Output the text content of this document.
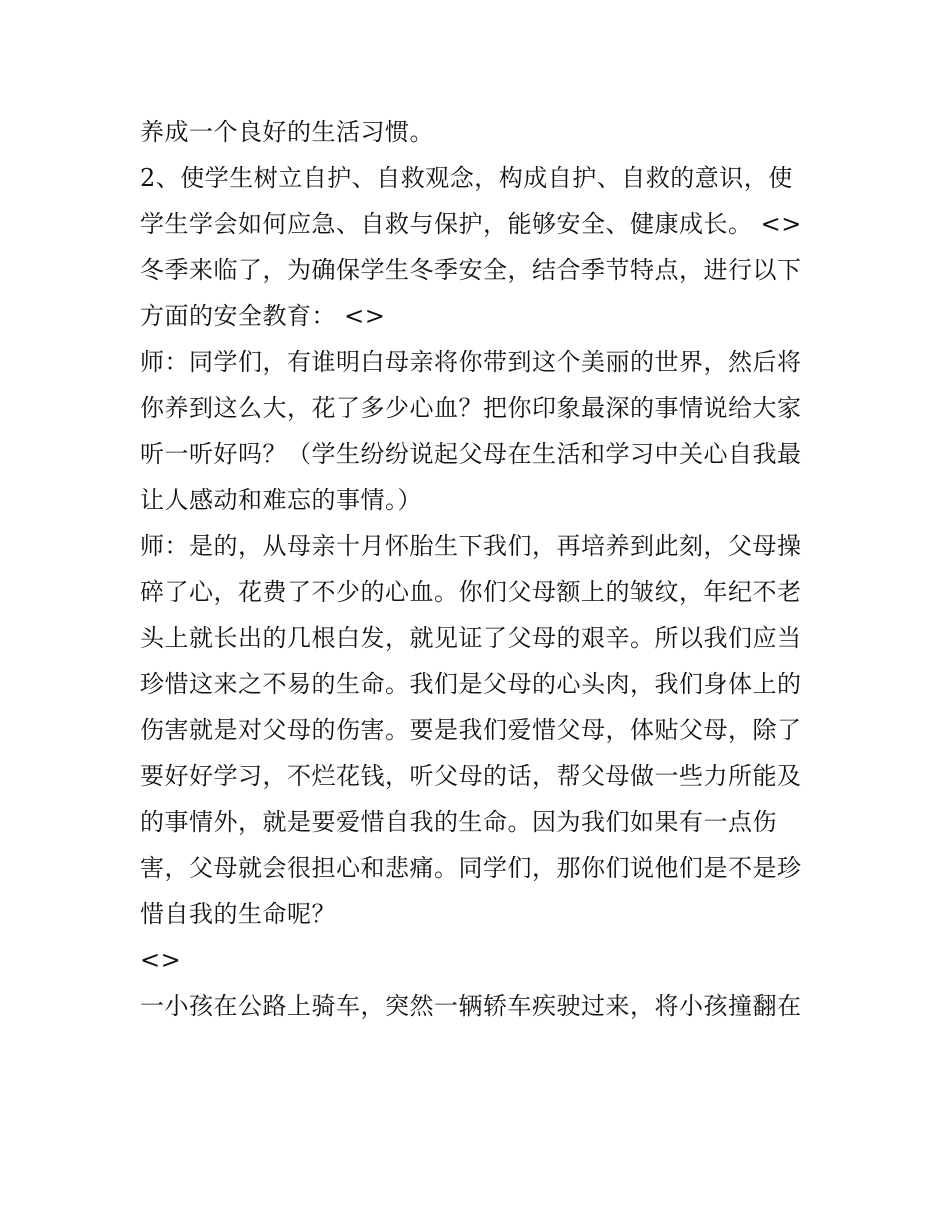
养成一个良好的生活习惯。
2、使学生树立自护、自救观念，构成自护、自救的意识，使
学生学会如何应急、自救与保护，能够安全、健康成长。 <>
冬季来临了，为确保学生冬季安全，结合季节特点，进行以下
方面的安全教育： <>
师：同学们，有谁明白母亲将你带到这个美丽的世界，然后将
你养到这么大，花了多少心血？把你印象最深的事情说给大家
听一听好吗？（学生纷纷说起父母在生活和学习中关心自我最
让人感动和难忘的事情。）
师：是的，从母亲十月怀胎生下我们，再培养到此刻，父母操
碎了心，花费了不少的心血。你们父母额上的皱纹，年纪不老
头上就长出的几根白发，就见证了父母的艰辛。所以我们应当
珍惜这来之不易的生命。我们是父母的心头肉，我们身体上的
伤害就是对父母的伤害。要是我们爱惜父母，体贴父母，除了
要好好学习，不烂花钱，听父母的话，帮父母做一些力所能及
的事情外，就是要爱惜自我的生命。因为我们如果有一点伤
害，父母就会很担心和悲痛。同学们，那你们说他们是不是珍
惜自我的生命呢？
<>
一小孩在公路上骑车，突然一辆轿车疾驶过来，将小孩撞翻在
